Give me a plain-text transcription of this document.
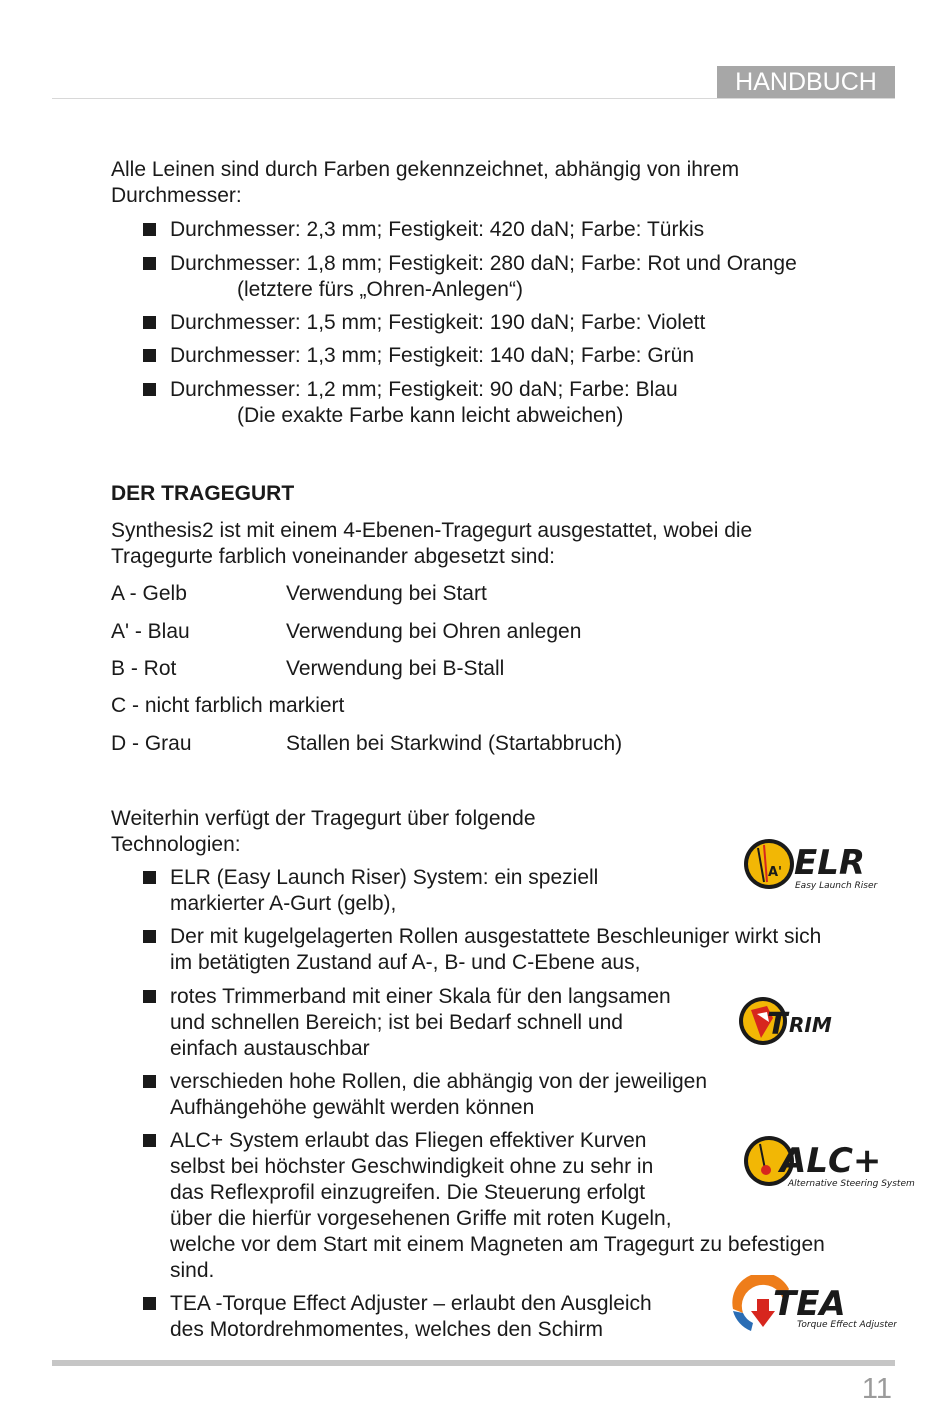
HANDBUCH
Alle Leinen sind durch Farben gekennzeichnet, abhängig von ihrem
Durchmesser:
Durchmesser: 2,3 mm; Festigkeit: 420 daN; Farbe: Türkis
Durchmesser: 1,8 mm; Festigkeit: 280 daN; Farbe: Rot und Orange
(letztere fürs „Ohren-Anlegen“)
Durchmesser: 1,5 mm; Festigkeit: 190 daN; Farbe: Violett
Durchmesser: 1,3 mm; Festigkeit: 140 daN; Farbe: Grün
Durchmesser: 1,2 mm; Festigkeit: 90 daN; Farbe: Blau
(Die exakte Farbe kann leicht abweichen)
DER TRAGEGURT
Synthesis2 ist mit einem 4-Ebenen-Tragegurt ausgestattet, wobei die
Tragegurte farblich voneinander abgesetzt sind:
A - Gelb	Verwendung bei Start
A' - Blau	Verwendung bei Ohren anlegen
B - Rot	Verwendung bei B-Stall
C - nicht farblich markiert
D - Grau	Stallen bei Starkwind (Startabbruch)
Weiterhin verfügt der Tragegurt über folgende
Technologien:
ELR (Easy Launch Riser) System: ein speziell
markierter A-Gurt (gelb),
Der mit kugelgelagerten Rollen ausgestattete Beschleuniger wirkt sich
im betätigten Zustand auf A-, B- und C-Ebene aus,
rotes Trimmerband mit einer Skala für den langsamen
und schnellen Bereich; ist bei Bedarf schnell und
einfach austauschbar
verschieden hohe Rollen, die abhängig von der jeweiligen
Aufhängehöhe gewählt werden können
ALC+ System erlaubt das Fliegen effektiver Kurven
selbst bei höchster Geschwindigkeit ohne zu sehr in
das Reflexprofil einzugreifen. Die Steuerung erfolgt
über die hierfür vorgesehenen Griffe mit roten Kugeln,
welche vor dem Start mit einem Magneten am Tragegurt zu befestigen
sind.
TEA -Torque Effect Adjuster – erlaubt den Ausgleich
des Motordrehmomentes, welches den Schirm
A' ELR
Easy Launch Riser
T RIM
ALC+
Alternative Steering System
TEA
Torque Effect Adjuster
11
